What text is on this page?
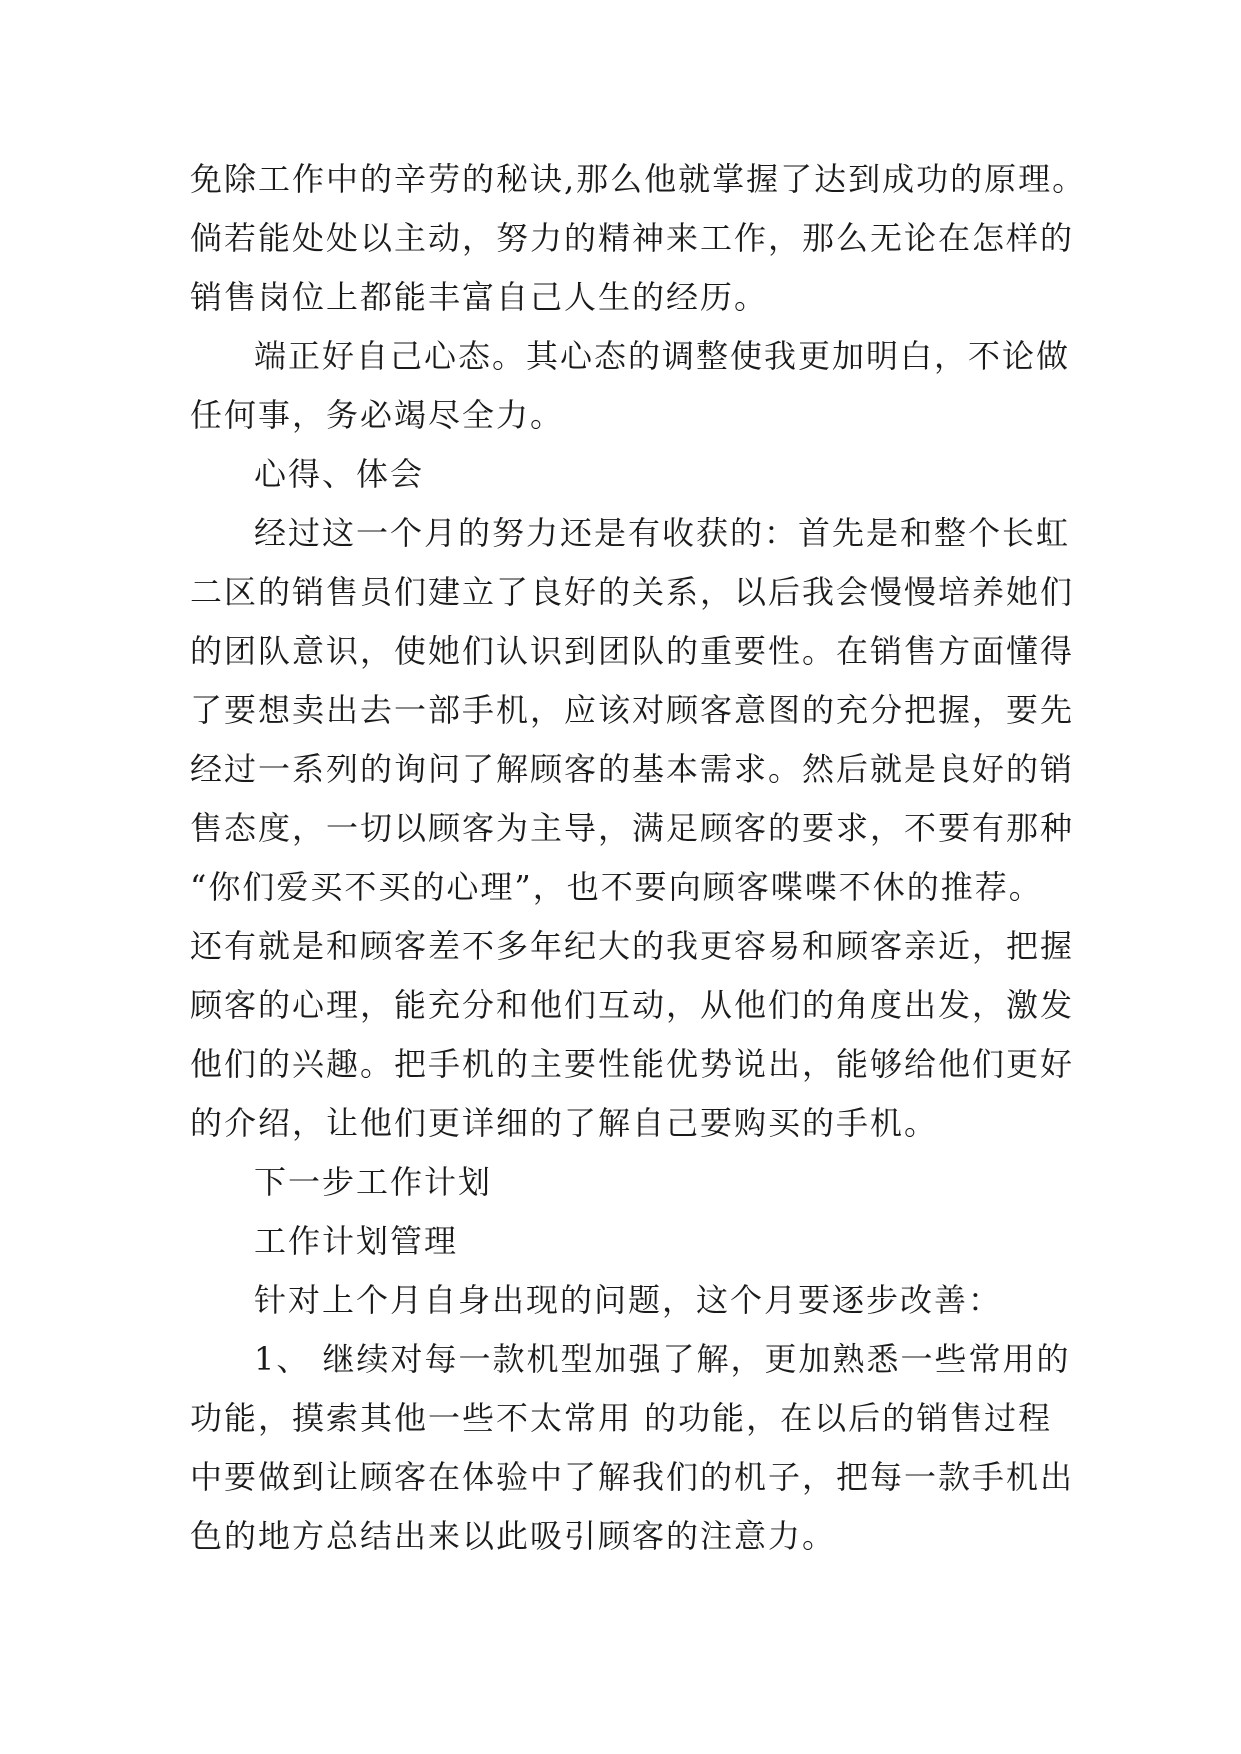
免除工作中的辛劳的秘诀,那么他就掌握了达到成功的原理。
倘若能处处以主动，努力的精神来工作，那么无论在怎样的
销售岗位上都能丰富自己人生的经历。
端正好自己心态。其心态的调整使我更加明白，不论做
任何事，务必竭尽全力。
心得、体会
经过这一个月的努力还是有收获的：首先是和整个长虹
二区的销售员们建立了良好的关系，以后我会慢慢培养她们
的团队意识，使她们认识到团队的重要性。在销售方面懂得
了要想卖出去一部手机，应该对顾客意图的充分把握，要先
经过一系列的询问了解顾客的基本需求。然后就是良好的销
售态度，一切以顾客为主导，满足顾客的要求，不要有那种
“你们爱买不买的心理”，也不要向顾客喋喋不休的推荐。
还有就是和顾客差不多年纪大的我更容易和顾客亲近，把握
顾客的心理，能充分和他们互动，从他们的角度出发，激发
他们的兴趣。把手机的主要性能优势说出，能够给他们更好
的介绍，让他们更详细的了解自己要购买的手机。
下一步工作计划
工作计划管理
针对上个月自身出现的问题，这个月要逐步改善：
1、 继续对每一款机型加强了解，更加熟悉一些常用的
功能，摸索其他一些不太常用 的功能，在以后的销售过程
中要做到让顾客在体验中了解我们的机子，把每一款手机出
色的地方总结出来以此吸引顾客的注意力。
